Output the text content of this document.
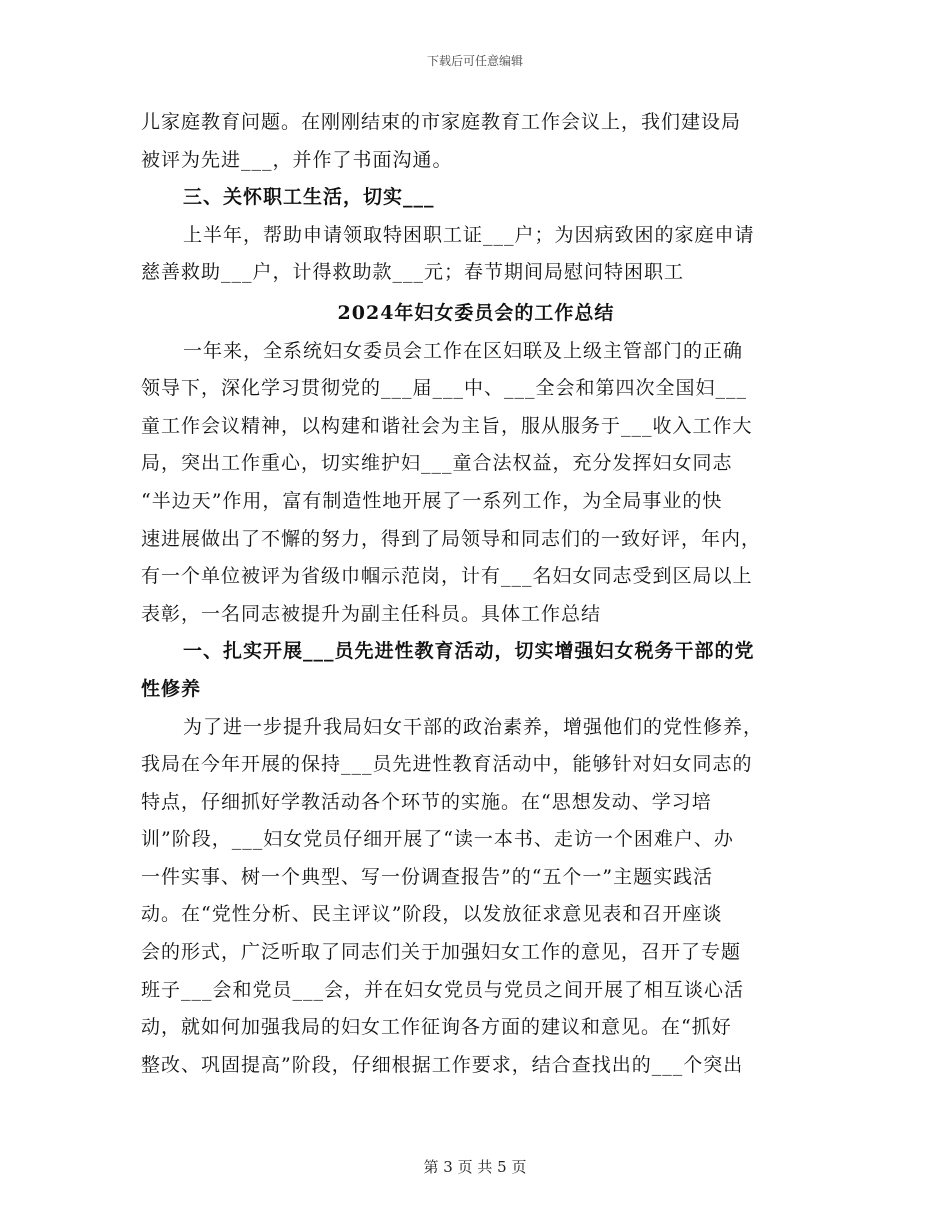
下载后可任意编辑
儿家庭教育问题。在刚刚结束的市家庭教育工作会议上，我们建设局
被评为先进___，并作了书面沟通。
三、关怀职工生活，切实___
上半年，帮助申请领取特困职工证___户；为因病致困的家庭申请
慈善救助___户，计得救助款___元；春节期间局慰问特困职工
2024年妇女委员会的工作总结
一年来，全系统妇女委员会工作在区妇联及上级主管部门的正确
领导下，深化学习贯彻党的___届___中、___全会和第四次全国妇___
童工作会议精神，以构建和谐社会为主旨，服从服务于___收入工作大
局，突出工作重心，切实维护妇___童合法权益，充分发挥妇女同志
“半边天”作用，富有制造性地开展了一系列工作，为全局事业的快
速进展做出了不懈的努力，得到了局领导和同志们的一致好评，年内，
有一个单位被评为省级巾帼示范岗，计有___名妇女同志受到区局以上
表彰，一名同志被提升为副主任科员。具体工作总结
一、扎实开展___员先进性教育活动，切实增强妇女税务干部的党
性修养
为了进一步提升我局妇女干部的政治素养，增强他们的党性修养，
我局在今年开展的保持___员先进性教育活动中，能够针对妇女同志的
特点，仔细抓好学教活动各个环节的实施。在“思想发动、学习培
训”阶段，___妇女党员仔细开展了“读一本书、走访一个困难户、办
一件实事、树一个典型、写一份调查报告”的“五个一”主题实践活
动。在“党性分析、民主评议”阶段，以发放征求意见表和召开座谈
会的形式，广泛听取了同志们关于加强妇女工作的意见，召开了专题
班子___会和党员___会，并在妇女党员与党员之间开展了相互谈心活
动，就如何加强我局的妇女工作征询各方面的建议和意见。在“抓好
整改、巩固提高”阶段，仔细根据工作要求，结合查找出的___个突出
第 3 页 共 5 页
